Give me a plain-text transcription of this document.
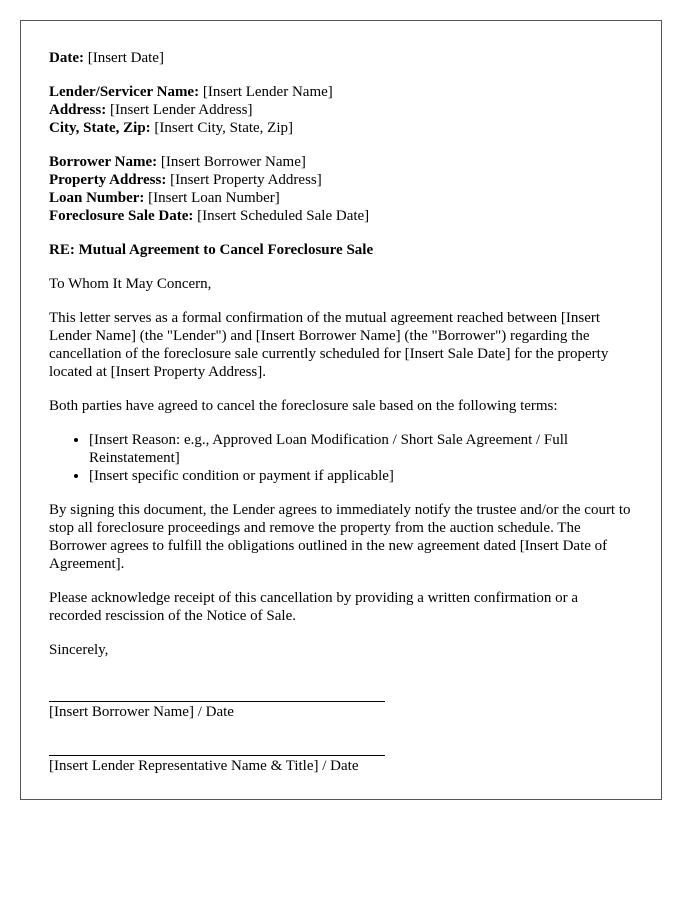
Date: [Insert Date]
Lender/Servicer Name: [Insert Lender Name]
Address: [Insert Lender Address]
City, State, Zip: [Insert City, State, Zip]
Borrower Name: [Insert Borrower Name]
Property Address: [Insert Property Address]
Loan Number: [Insert Loan Number]
Foreclosure Sale Date: [Insert Scheduled Sale Date]

RE: Mutual Agreement to Cancel Foreclosure Sale

To Whom It May Concern,

This letter serves as a formal confirmation of the mutual agreement reached between [Insert Lender Name] (the "Lender") and [Insert Borrower Name] (the "Borrower") regarding the cancellation of the foreclosure sale currently scheduled for [Insert Sale Date] for the property located at [Insert Property Address].

Both parties have agreed to cancel the foreclosure sale based on the following terms:

• [Insert Reason: e.g., Approved Loan Modification / Short Sale Agreement / Full Reinstatement]
• [Insert specific condition or payment if applicable]

By signing this document, the Lender agrees to immediately notify the trustee and/or the court to stop all foreclosure proceedings and remove the property from the auction schedule. The Borrower agrees to fulfill the obligations outlined in the new agreement dated [Insert Date of Agreement].

Please acknowledge receipt of this cancellation by providing a written confirmation or a recorded rescission of the Notice of Sale.

Sincerely,

[Insert Borrower Name] / Date
[Insert Lender Representative Name & Title] / Date
